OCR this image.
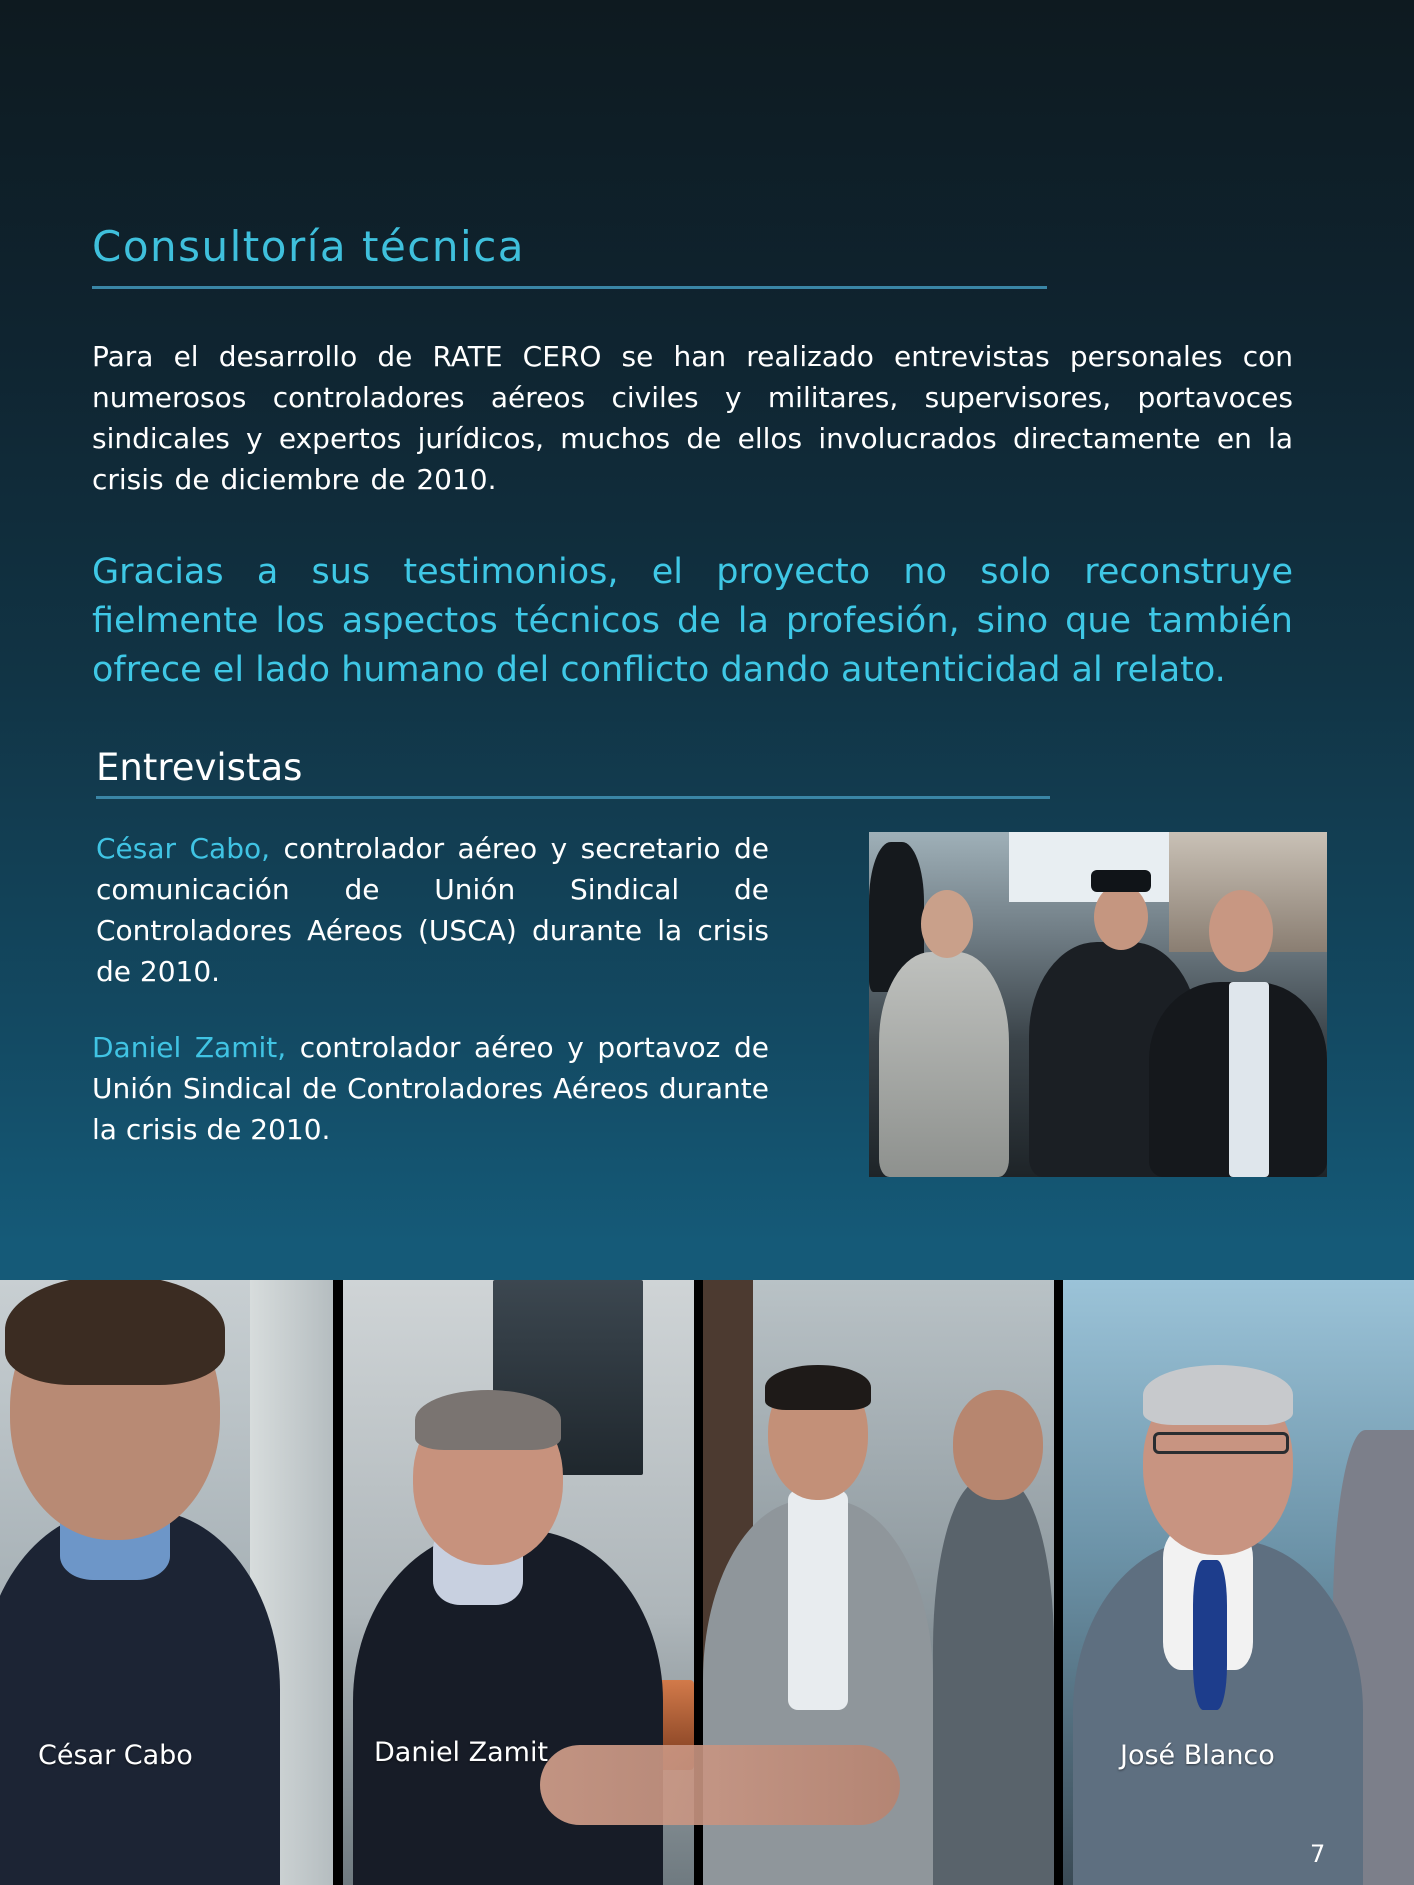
Consultoría técnica

Para el desarrollo de RATE CERO se han realizado entrevistas personales con numerosos controladores aéreos civiles y militares, supervisores, portavoces sindicales y expertos jurídicos, muchos de ellos involucrados directamente en la crisis de diciembre de 2010.

Gracias a sus testimonios, el proyecto no solo reconstruye fielmente los aspectos técnicos de la profesión, sino que también ofrece el lado humano del conflicto dando autenticidad al relato.

Entrevistas

César Cabo, controlador aéreo y secretario de comunicación de Unión Sindical de Controladores Aéreos (USCA) durante la crisis de 2010.

Daniel Zamit, controlador aéreo y portavoz de Unión Sindical de Controladores Aéreos durante la crisis de 2010.

César Cabo	Daniel Zamit	José Blanco
7
